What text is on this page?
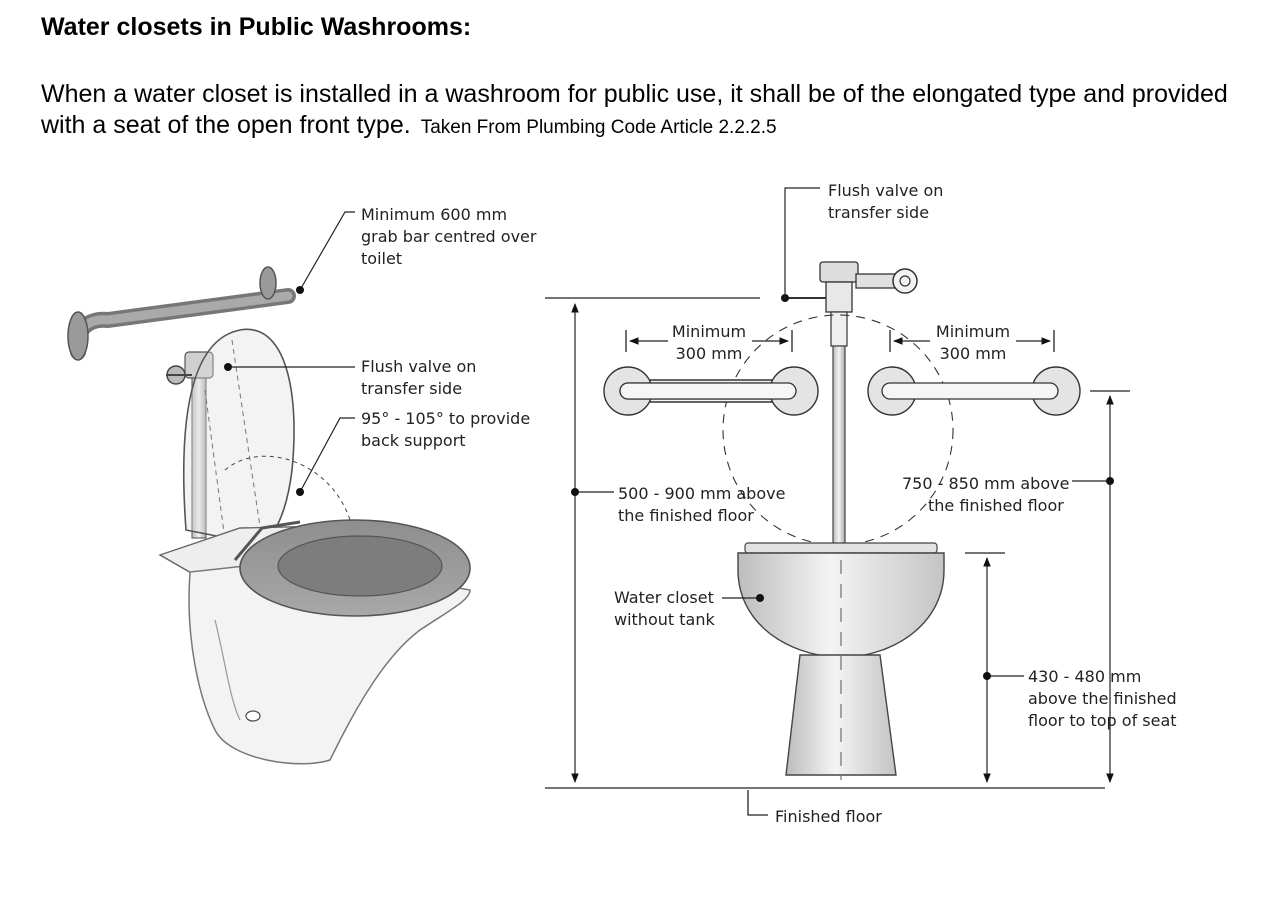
Water closets in Public Washrooms:

When a water closet is installed in a washroom for public use, it shall be of the elongated type and provided with a seat of the open front type. Taken From Plumbing Code Article 2.2.2.5

Minimum 600 mm
grab bar centred over
toilet
Flush valve on
transfer side
95° - 105° to provide
back support
Flush valve on
transfer side
Minimum
300 mm
Minimum
300 mm
Water closet
without tank
500 - 900 mm above
the finished floor
750 - 850 mm above
the finished floor
430 - 480 mm
above the finished
floor to top of seat
Finished floor
